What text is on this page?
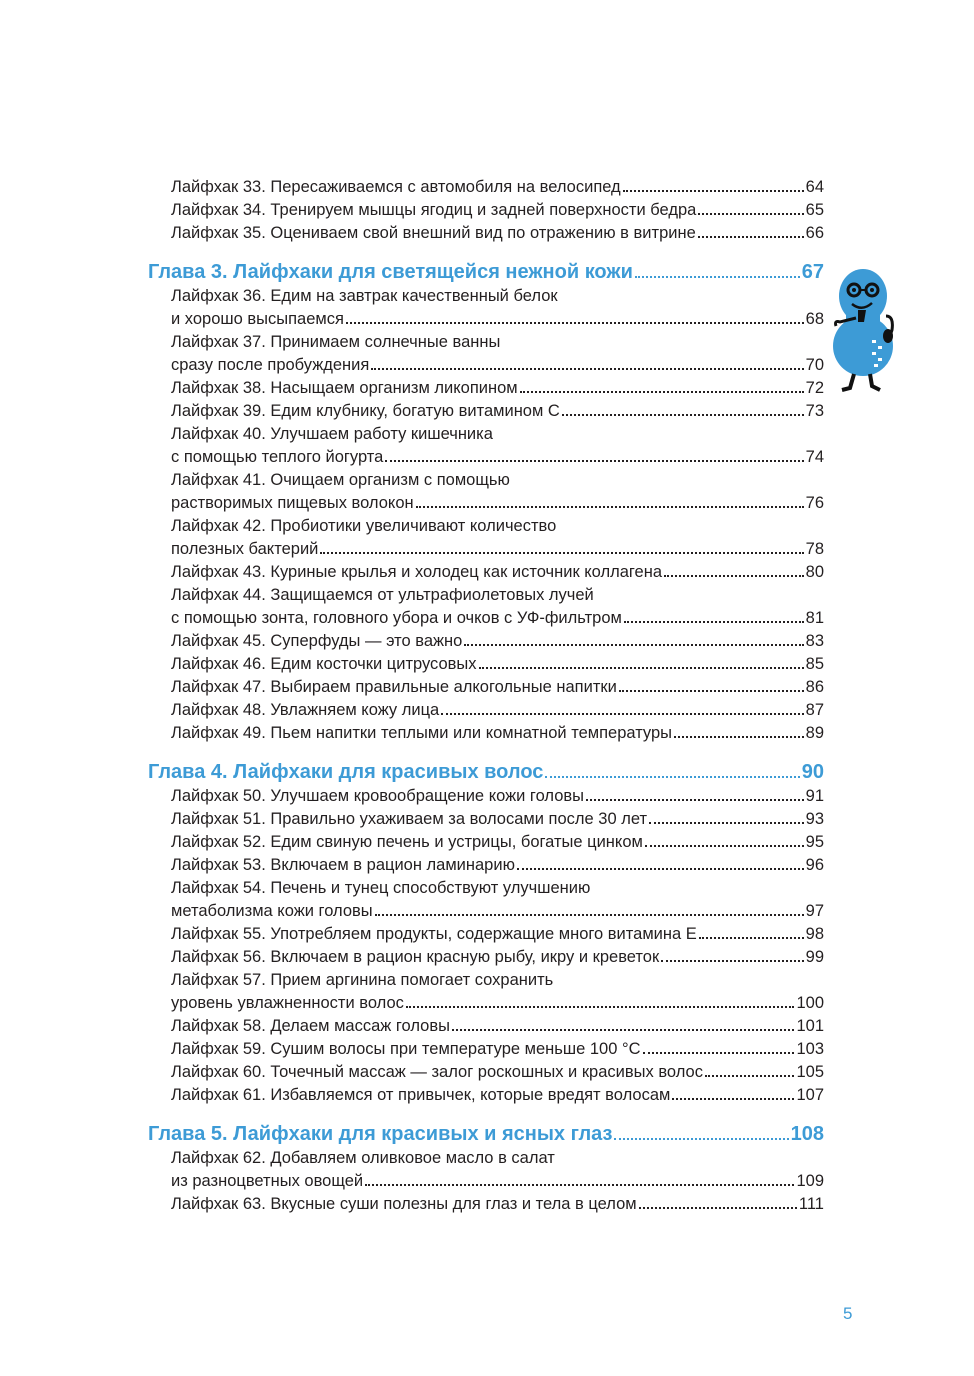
Лайфхак 33. Пересаживаемся с автомобиля на велосипед	64
Лайфхак 34. Тренируем мышцы ягодиц и задней поверхности бедра	65
Лайфхак 35. Оцениваем свой внешний вид по отражению в витрине	66
Глава 3. Лайфхаки для светящейся нежной кожи	67
Лайфхак 36. Едим на завтрак качественный белок
и хорошо высыпаемся	68
Лайфхак 37. Принимаем солнечные ванны
сразу после пробуждения	70
Лайфхак 38. Насыщаем организм ликопином	72
Лайфхак 39. Едим клубнику, богатую витамином С	73
Лайфхак 40. Улучшаем работу кишечника
с помощью теплого йогурта	74
Лайфхак 41. Очищаем организм с помощью
растворимых пищевых волокон	76
Лайфхак 42. Пробиотики увеличивают количество
полезных бактерий	78
Лайфхак 43. Куриные крылья и холодец как источник коллагена	80
Лайфхак 44. Защищаемся от ультрафиолетовых лучей
с помощью зонта, головного убора и очков с УФ-фильтром	81
Лайфхак 45. Суперфуды — это важно	83
Лайфхак 46. Едим косточки цитрусовых	85
Лайфхак 47. Выбираем правильные алкогольные напитки	86
Лайфхак 48. Увлажняем кожу лица	87
Лайфхак 49. Пьем напитки теплыми или комнатной температуры	89
Глава 4. Лайфхаки для красивых волос	90
Лайфхак 50. Улучшаем кровообращение кожи головы	91
Лайфхак 51. Правильно ухаживаем за волосами после 30 лет	93
Лайфхак 52. Едим свиную печень и устрицы, богатые цинком	95
Лайфхак 53. Включаем в рацион ламинарию	96
Лайфхак 54. Печень и тунец способствуют улучшению
метаболизма кожи головы	97
Лайфхак 55. Употребляем продукты, содержащие много витамина Е	98
Лайфхак 56. Включаем в рацион красную рыбу, икру и креветок	99
Лайфхак 57. Прием аргинина помогает сохранить
уровень увлажненности волос	100
Лайфхак 58. Делаем массаж головы	101
Лайфхак 59. Сушим волосы при температуре меньше 100 °С	103
Лайфхак 60. Точечный массаж — залог роскошных и красивых волос	105
Лайфхак 61. Избавляемся от привычек, которые вредят волосам	107
Глава 5. Лайфхаки для красивых и ясных глаз	108
Лайфхак 62. Добавляем оливковое масло в салат
из разноцветных овощей	109
Лайфхак 63. Вкусные суши полезны для глаз и тела в целом	111
5
